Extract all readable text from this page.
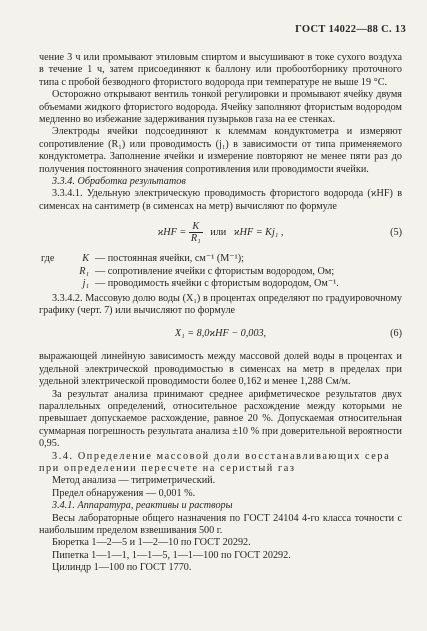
ГОСТ 14022—88 С. 13

чение 3 ч или промывают этиловым спиртом и высушивают в токе сухого воздуха в течение 1 ч, затем присоединяют к баллону или пробоотборнику проточного типа с пробой безводного фтористого водорода при температуре не выше 19 °C.

Осторожно открывают вентиль тонкой регулировки и промывают ячейку двумя объемами жидкого фтористого водорода. Ячейку заполняют фтористым водородом медленно во избежание задерживания пузырьков газа на ее стенках.

Электроды ячейки подсоединяют к клеммам кондуктометра и измеряют сопротивление (R₁) или проводимость (j₁) в зависимости от типа применяемого кондуктометра. Заполнение ячейки и измерение повторяют не менее пяти раз до получения постоянного значения сопротивления или проводимости ячейки.

3.3.4. Обработка результатов

3.3.4.1. Удельную электрическую проводимость фтористого водорода (ϰHF) в сименсах на сантиметр (в сименсах на метр) вычисляют по формуле

$ϰHF = \frac{K}{\text{R₁}}$ или ϰHF = Kj₁ ,	(5)
где	K — постоянная ячейки, см⁻¹ (М⁻¹);
R₁ — сопротивление ячейки с фтористым водородом, Ом;
j₁ — проводимость ячейки с фтористым водородом, Ом⁻¹.

3.3.4.2. Массовую долю воды (X₁) в процентах определяют по градуировочному графику (черт. 7) или вычисляют по формуле

X₁ = 8,0ϰHF − 0,003,	(6)

выражающей линейную зависимость между массовой долей воды в процентах и удельной электрической проводимостью в сименсах на метр в пределах при удельной электрической проводимости более 0,162 и менее 1,288 См/м.

За результат анализа принимают среднее арифметическое результатов двух параллельных определений, относительное расхождение между которыми не превышает допускаемое расхождение, равное 20 %. Допускаемая относительная суммарная погрешность результата анализа ±10 % при доверительной вероятности 0,95.

3.4. Определение массовой доли восстанавливающих сера при определении пересчете на серистый газ

Метод анализа — титриметрический.

Предел обнаружения — 0,001 %.

3.4.1. Аппаратура, реактивы и растворы

Весы лабораторные общего назначения по ГОСТ 24104 4-го класса точности с наибольшим пределом взвешивания 500 г.

Бюретка 1—2—5 и 1—2—10 по ГОСТ 20292.
Пипетка 1—1—1, 1—1—5, 1—1—100 по ГОСТ 20292.
Цилиндр 1—100 по ГОСТ 1770.
